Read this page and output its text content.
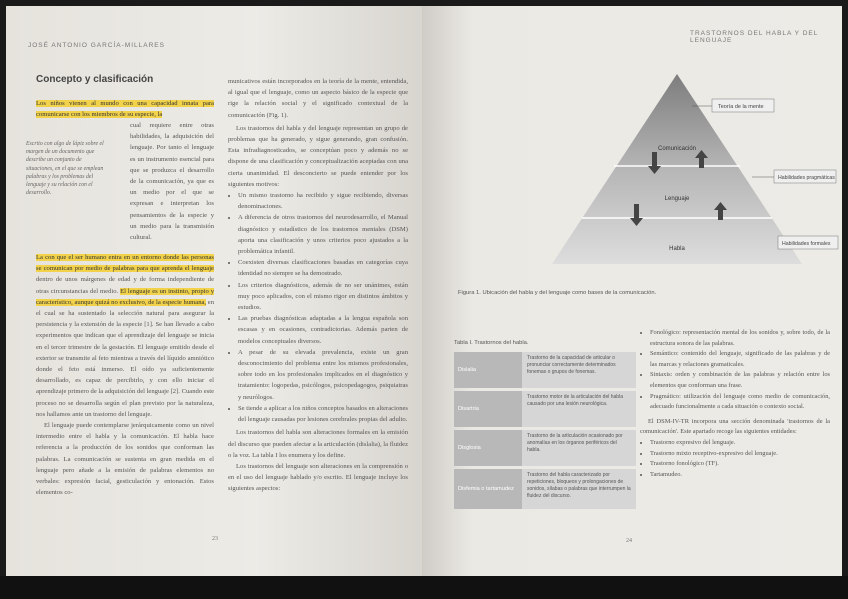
JOSÉ ANTONIO GARCÍA-MILLARES
Concepto y clasificación
Escrito con algo de lápiz sobre el margen de un documento que describe un conjunto de situaciones, en el que se emplean palabras y los problemas del lenguaje y su relación con el desarrollo.
Los niños vienen al mundo con una capacidad innata para comunicarse con los miembros de su especie, la
cual requiere entre otras habilidades, la adquisición del lenguaje. Por tanto el lenguaje es un instrumento esencial para que se produzca el desarrollo de la comunicación, ya que es un medio por el que se expresan e interpretan los pensamientos de la especie y un medio para la transmisión cultural.
La con que el ser humano entra en un entorno donde las personas se comunican por medio de palabras para que aprenda el lenguaje dentro de unos márgenes de edad y de forma independiente de otras circunstancias del medio. El lenguaje es un instinto, propio y característico, aunque quizá no exclusivo, de la especie humana, en el cual se ha sustentado la selección natural para asegurar la persistencia y la extensión de la especie [1]. Se han llevado a cabo experimentos que indican que el aprendizaje del lenguaje se inicia en el tercer trimestre de la gestación. El lenguaje emitido desde el exterior se transmite al feto mientras a través del líquido amniótico donde el feto está inmerso. El oído ya suficientemente desarrollado, es capaz de percibirlo, y con ello iniciar el aprendizaje primero de la adquisición del lenguaje [2]. Cuando este proceso no se desarrolla según el plan previsto por la naturaleza, nos hallamos ante un trastorno del lenguaje.
El lenguaje puede contemplarse jerárquicamente como un nivel intermedio entre el habla y la comunicación. El habla hace referencia a la producción de los sonidos que conforman las palabras. La comunicación se sustenta en gran medida en el lenguaje pero añade a la emisión de palabras elementos no verbales: expresión facial, gesticulación y entonación. Estos elementos co-
municativos están incorporados en la teoría de la mente, entendida, al igual que el lenguaje, como un aspecto básico de la especie que rige la relación social y el significado contextual de la comunicación (Fig. 1).
Los trastornos del habla y del lenguaje representan un grupo de problemas que ha generado, y sigue generando, gran confusión. Esta infradiagnosticados, se conceptúan poco y además no se dispone de una clasificación y conceptualización aceptadas con una cierta unanimidad. El desconcierto se puede entender por los siguientes motivos:
• Un mismo trastorno ha recibido y sigue recibiendo, diversas denominaciones.
• A diferencia de otros trastornos del neurodesarrollo, el Manual diagnóstico y estadístico de los trastornos mentales (DSM) aporta una clasificación y unos criterios poco ajustados a la problemática infantil.
• Coexisten diversas clasificaciones basadas en categorías cuya identidad no siempre se ha demostrado.
• Los criterios diagnósticos, además de no ser unánimes, están muy poco aplicados, con el mismo rigor en distintos ámbitos y estudios.
• Las pruebas diagnósticas adaptadas a la lengua española son escasas y en ocasiones, contradictorias. Además parten de modelos conceptuales diversos.
• A pesar de su elevada prevalencia, existe un gran desconocimiento del problema entre los mismos profesionales, sobre todo en los profesionales implicados en el diagnóstico y tratamiento: logopedas, psicólogos, psicopedagogos, psiquiatras y neurólogos.
• Se tiende a aplicar a los niños conceptos basados en alteraciones del lenguaje causadas por lesiones cerebrales propias del adulto.
Los trastornos del habla son alteraciones formales en la emisión del discurso que pueden afectar a la articulación (dislalia), la fluidez o la voz. La tabla I los enumera y los define.
Los trastornos del lenguaje son alteraciones en la comprensión o en el uso del lenguaje hablado y/o escrito. El lenguaje incluye los siguientes aspectos:
23
TRASTORNOS DEL HABLA Y DEL LENGUAJE
Comunicación
Lenguaje
Habla
Teoría de la mente
Habilidades pragmáticas
Habilidades formales
Figura 1. Ubicación del habla y del lenguaje como bases de la comunicación.
Tabla I. Trastornos del habla.
Dislalia
Trastorno de la capacidad de articular o pronunciar correctamente determinados fonemas o grupos de fonemas.
Disartria
Trastorno motor de la articulación del habla causado por una lesión neurológica.
Disglosia
Trastorno de la articulación ocasionado por anomalías en los órganos periféricos del habla.
Disfemia o tartamudez
Trastorno del habla caracterizado por repeticiones, bloqueos y prolongaciones de sonidos, sílabas o palabras que interrumpen la fluidez del discurso.
• Fonológico: representación mental de los sonidos y, sobre todo, de la estructura sonora de las palabras.
• Semántico: contenido del lenguaje, significado de las palabras y de las marcas y relaciones gramaticales.
• Sintaxis: orden y combinación de las palabras y relación entre los elementos que conforman una frase.
• Pragmático: utilización del lenguaje como medio de comunicación, adecuado funcionalmente a cada situación o contexto social.
El DSM-IV-TR incorpora una sección denominada 'trastornos de la comunicación'. Este apartado recoge las siguientes entidades:
• Trastorno expresivo del lenguaje.
• Trastorno mixto receptivo-expresivo del lenguaje.
• Trastorno fonológico (TF).
• Tartamudeo.
24
